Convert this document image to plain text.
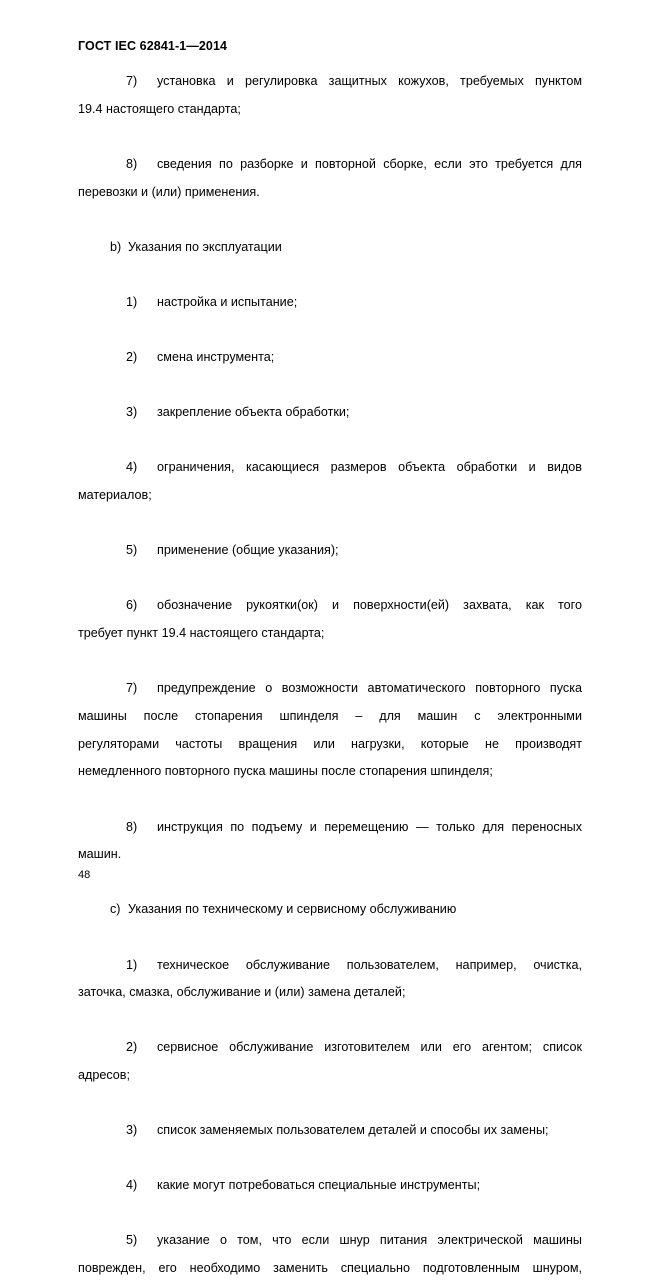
ГОСТ IEC 62841-1—2014
7) установка и регулировка защитных кожухов, требуемых пунктом
19.4 настоящего стандарта;
8) сведения по разборке и повторной сборке, если это требуется для
перевозки и (или) применения.
b) Указания по эксплуатации
1) настройка и испытание;
2) смена инструмента;
3) закрепление объекта обработки;
4) ограничения, касающиеся размеров объекта обработки и видов
материалов;
5) применение (общие указания);
6) обозначение рукоятки(ок) и поверхности(ей) захвата, как того
требует пункт 19.4 настоящего стандарта;
7) предупреждение о возможности автоматического повторного пуска
машины после стопарения шпинделя – для машин с электронными
регуляторами частоты вращения или нагрузки, которые не производят
немедленного повторного пуска машины после стопарения шпинделя;
8) инструкция по подъему и перемещению — только для переносных
машин.
c) Указания по техническому и сервисному обслуживанию
1) техническое обслуживание пользователем, например, очистка,
заточка, смазка, обслуживание и (или) замена деталей;
2) сервисное обслуживание изготовителем или его агентом; список
адресов;
3) список заменяемых пользователем деталей и способы их замены;
4) какие могут потребоваться специальные инструменты;
5) указание о том, что если шнур питания электрической машины
поврежден, его необходимо заменить специально подготовленным шнуром,
48
